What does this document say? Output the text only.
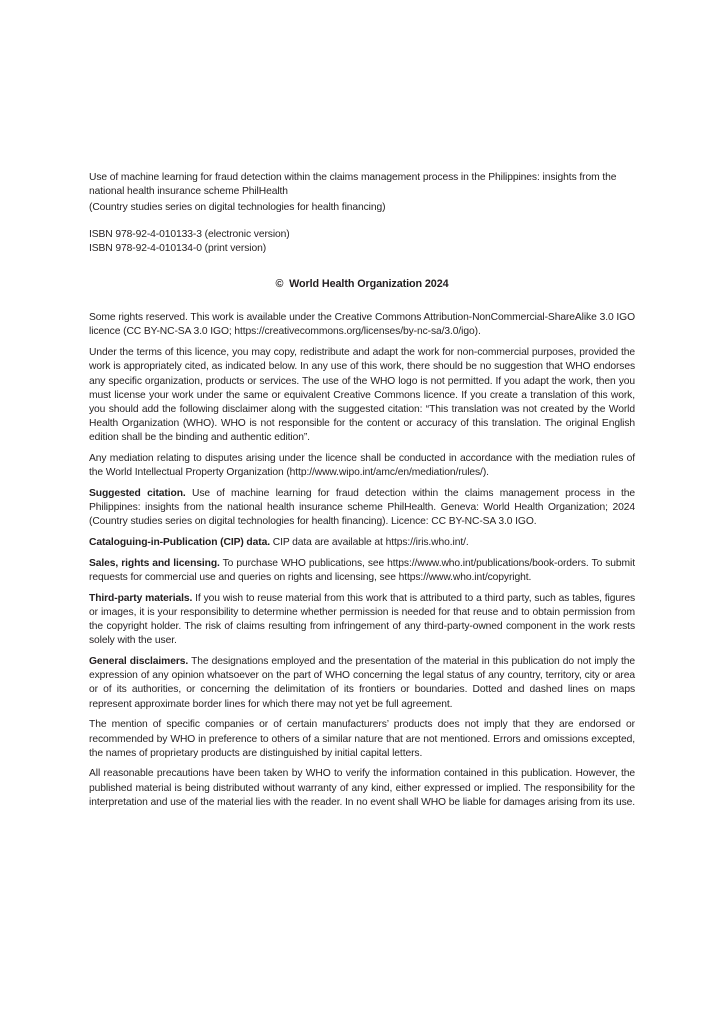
Use of machine learning for fraud detection within the claims management process in the Philippines: insights from the national health insurance scheme PhilHealth

(Country studies series on digital technologies for health financing)

ISBN 978-92-4-010133-3 (electronic version)

ISBN 978-92-4-010134-0 (print version)

© World Health Organization 2024

Some rights reserved. This work is available under the Creative Commons Attribution-NonCommercial-ShareAlike 3.0 IGO licence (CC BY-NC-SA 3.0 IGO; https://creativecommons.org/licenses/by-nc-sa/3.0/igo).

Under the terms of this licence, you may copy, redistribute and adapt the work for non-commercial purposes, provided the work is appropriately cited, as indicated below. In any use of this work, there should be no suggestion that WHO endorses any specific organization, products or services. The use of the WHO logo is not permitted. If you adapt the work, then you must license your work under the same or equivalent Creative Commons licence. If you create a translation of this work, you should add the following disclaimer along with the suggested citation: “This translation was not created by the World Health Organization (WHO). WHO is not responsible for the content or accuracy of this translation. The original English edition shall be the binding and authentic edition”.

Any mediation relating to disputes arising under the licence shall be conducted in accordance with the mediation rules of the World Intellectual Property Organization (http://www.wipo.int/amc/en/mediation/rules/).

Suggested citation. Use of machine learning for fraud detection within the claims management process in the Philippines: insights from the national health insurance scheme PhilHealth. Geneva: World Health Organization; 2024 (Country studies series on digital technologies for health financing). Licence: CC BY-NC-SA 3.0 IGO.

Cataloguing-in-Publication (CIP) data. CIP data are available at https://iris.who.int/.

Sales, rights and licensing. To purchase WHO publications, see https://www.who.int/publications/book-orders. To submit requests for commercial use and queries on rights and licensing, see https://www.who.int/copyright.

Third-party materials. If you wish to reuse material from this work that is attributed to a third party, such as tables, figures or images, it is your responsibility to determine whether permission is needed for that reuse and to obtain permission from the copyright holder. The risk of claims resulting from infringement of any third-party-owned component in the work rests solely with the user.

General disclaimers. The designations employed and the presentation of the material in this publication do not imply the expression of any opinion whatsoever on the part of WHO concerning the legal status of any country, territory, city or area or of its authorities, or concerning the delimitation of its frontiers or boundaries. Dotted and dashed lines on maps represent approximate border lines for which there may not yet be full agreement.

The mention of specific companies or of certain manufacturers’ products does not imply that they are endorsed or recommended by WHO in preference to others of a similar nature that are not mentioned. Errors and omissions excepted, the names of proprietary products are distinguished by initial capital letters.

All reasonable precautions have been taken by WHO to verify the information contained in this publication. However, the published material is being distributed without warranty of any kind, either expressed or implied. The responsibility for the interpretation and use of the material lies with the reader. In no event shall WHO be liable for damages arising from its use.
